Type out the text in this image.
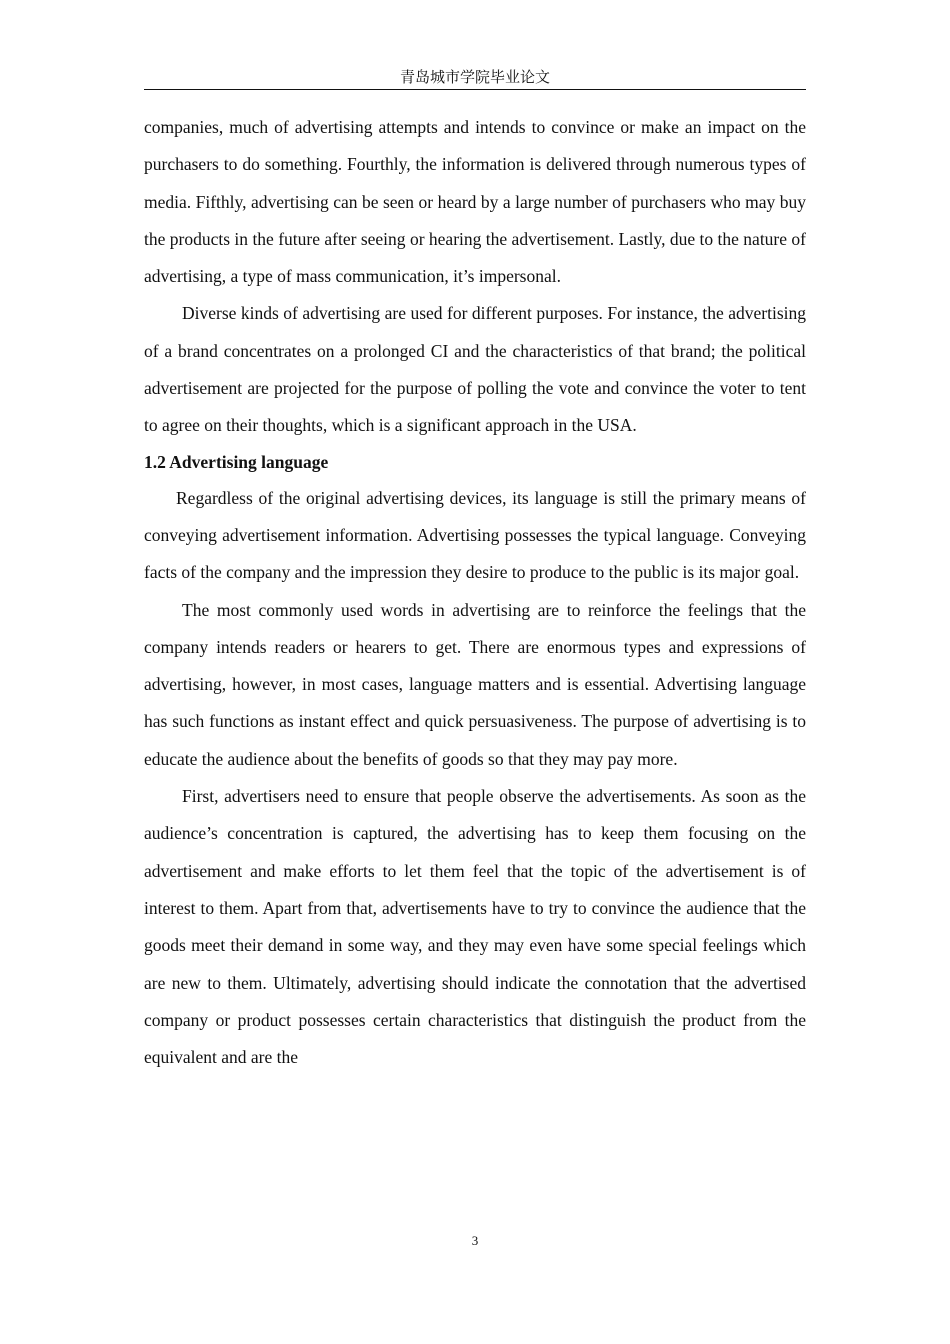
青岛城市学院毕业论文

companies, much of advertising attempts and intends to convince or make an impact on the purchasers to do something. Fourthly, the information is delivered through numerous types of media. Fifthly, advertising can be seen or heard by a large number of purchasers who may buy the products in the future after seeing or hearing the advertisement. Lastly, due to the nature of advertising, a type of mass communication, it’s impersonal.

Diverse kinds of advertising are used for different purposes. For instance, the advertising of a brand concentrates on a prolonged CI and the characteristics of that brand; the political advertisement are projected for the purpose of polling the vote and convince the voter to tent to agree on their thoughts, which is a significant approach in the USA.

1.2 Advertising language

Regardless of the original advertising devices, its language is still the primary means of conveying advertisement information. Advertising possesses the typical language. Conveying facts of the company and the impression they desire to produce to the public is its major goal.

The most commonly used words in advertising are to reinforce the feelings that the company intends readers or hearers to get. There are enormous types and expressions of advertising, however, in most cases, language matters and is essential. Advertising language has such functions as instant effect and quick persuasiveness. The purpose of advertising is to educate the audience about the benefits of goods so that they may pay more.

First, advertisers need to ensure that people observe the advertisements. As soon as the audience’s concentration is captured, the advertising has to keep them focusing on the advertisement and make efforts to let them feel that the topic of the advertisement is of interest to them. Apart from that, advertisements have to try to convince the audience that the goods meet their demand in some way, and they may even have some special feelings which are new to them. Ultimately, advertising should indicate the connotation that the advertised company or product possesses certain characteristics that distinguish the product from the equivalent and are the

3
